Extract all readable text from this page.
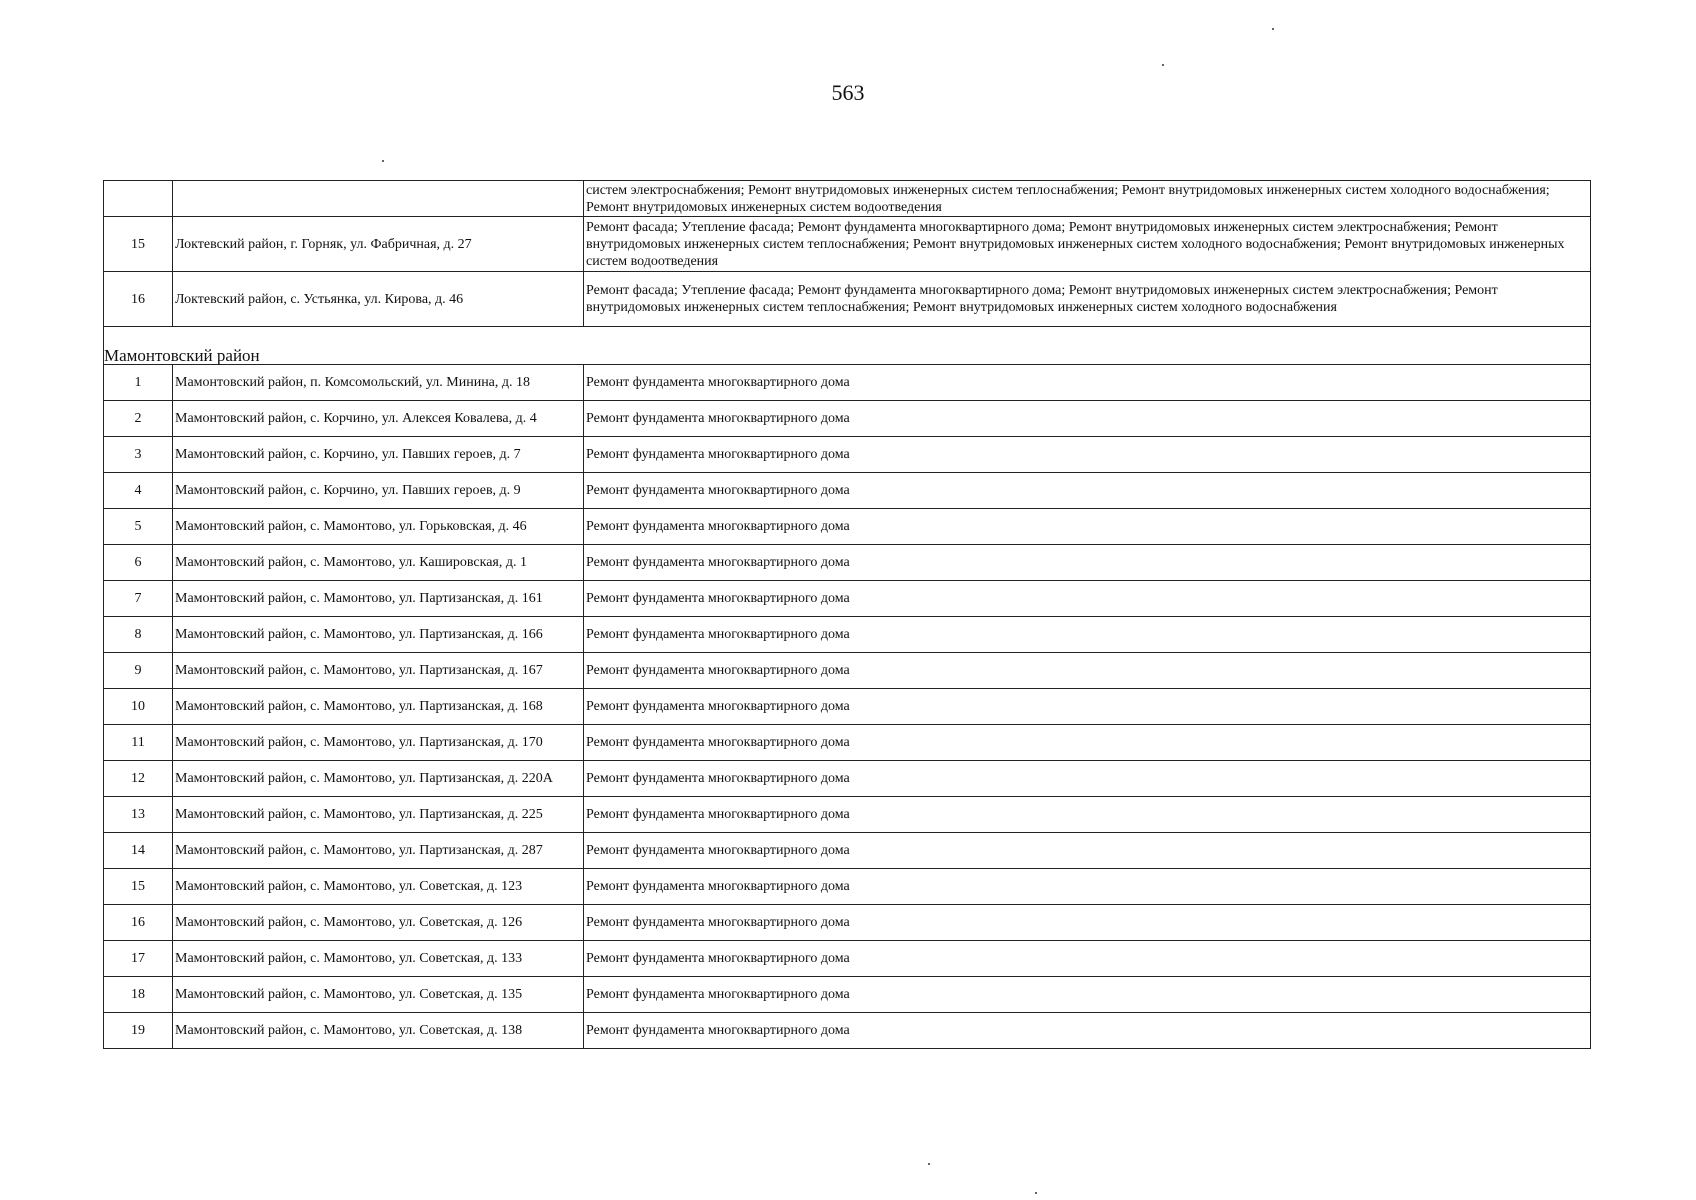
563
		систем электроснабжения; Ремонт внутридомовых инженерных систем теплоснабжения; Ремонт внутридомовых инженерных систем холодного водоснабжения; Ремонт внутридомовых инженерных систем водоотведения
15	Локтевский район, г. Горняк, ул. Фабричная, д. 27	Ремонт фасада; Утепление фасада; Ремонт фундамента многоквартирного дома; Ремонт внутридомовых инженерных систем электроснабжения; Ремонт внутридомовых инженерных систем теплоснабжения; Ремонт внутридомовых инженерных систем холодного водоснабжения; Ремонт внутридомовых инженерных систем водоотведения
16	Локтевский район, с. Устьянка, ул. Кирова, д. 46	Ремонт фасада; Утепление фасада; Ремонт фундамента многоквартирного дома; Ремонт внутридомовых инженерных систем электроснабжения; Ремонт внутридомовых инженерных систем теплоснабжения; Ремонт внутридомовых инженерных систем холодного водоснабжения

Мамонтовский район		
1	Мамонтовский район, п. Комсомольский, ул. Минина, д. 18	Ремонт фундамента многоквартирного дома
2	Мамонтовский район, с. Корчино, ул. Алексея Ковалева, д. 4	Ремонт фундамента многоквартирного дома
3	Мамонтовский район, с. Корчино, ул. Павших героев, д. 7	Ремонт фундамента многоквартирного дома
4	Мамонтовский район, с. Корчино, ул. Павших героев, д. 9	Ремонт фундамента многоквартирного дома
5	Мамонтовский район, с. Мамонтово, ул. Горьковская, д. 46	Ремонт фундамента многоквартирного дома
6	Мамонтовский район, с. Мамонтово, ул. Кашировская, д. 1	Ремонт фундамента многоквартирного дома
7	Мамонтовский район, с. Мамонтово, ул. Партизанская, д. 161	Ремонт фундамента многоквартирного дома
8	Мамонтовский район, с. Мамонтово, ул. Партизанская, д. 166	Ремонт фундамента многоквартирного дома
9	Мамонтовский район, с. Мамонтово, ул. Партизанская, д. 167	Ремонт фундамента многоквартирного дома
10	Мамонтовский район, с. Мамонтово, ул. Партизанская, д. 168	Ремонт фундамента многоквартирного дома
11	Мамонтовский район, с. Мамонтово, ул. Партизанская, д. 170	Ремонт фундамента многоквартирного дома
12	Мамонтовский район, с. Мамонтово, ул. Партизанская, д. 220А	Ремонт фундамента многоквартирного дома
13	Мамонтовский район, с. Мамонтово, ул. Партизанская, д. 225	Ремонт фундамента многоквартирного дома
14	Мамонтовский район, с. Мамонтово, ул. Партизанская, д. 287	Ремонт фундамента многоквартирного дома
15	Мамонтовский район, с. Мамонтово, ул. Советская, д. 123	Ремонт фундамента многоквартирного дома
16	Мамонтовский район, с. Мамонтово, ул. Советская, д. 126	Ремонт фундамента многоквартирного дома
17	Мамонтовский район, с. Мамонтово, ул. Советская, д. 133	Ремонт фундамента многоквартирного дома
18	Мамонтовский район, с. Мамонтово, ул. Советская, д. 135	Ремонт фундамента многоквартирного дома
19	Мамонтовский район, с. Мамонтово, ул. Советская, д. 138	Ремонт фундамента многоквартирного дома
